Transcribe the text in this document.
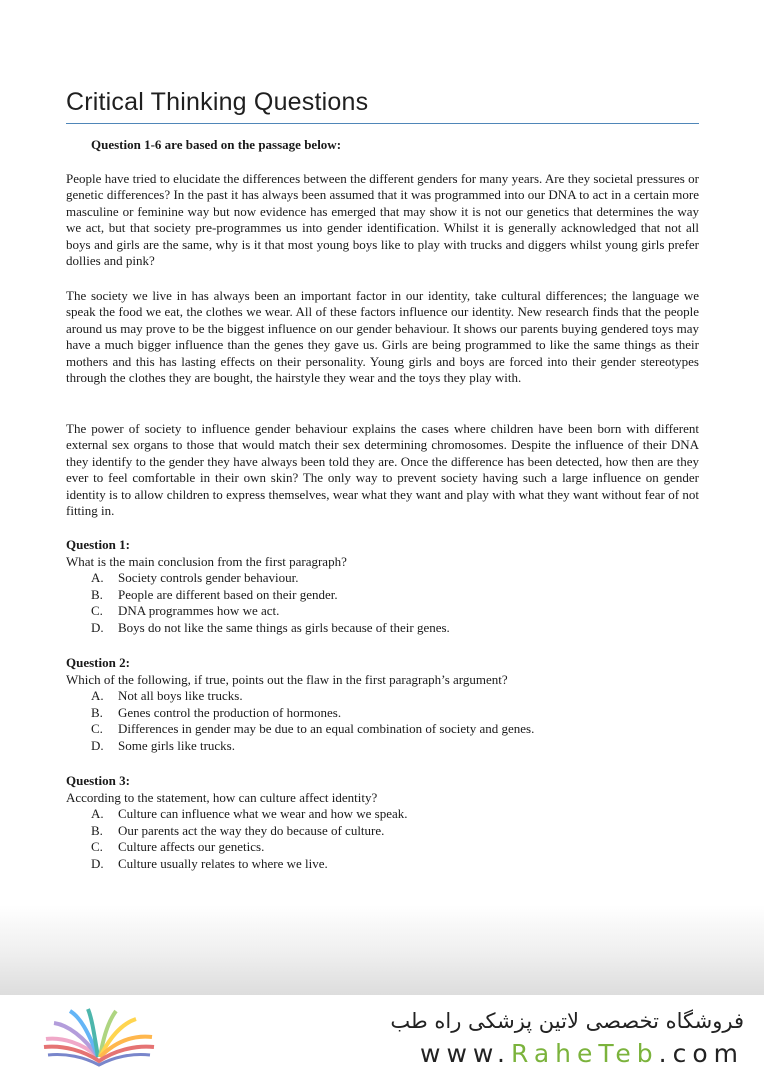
Critical Thinking Questions

Question 1-6 are based on the passage below:

People have tried to elucidate the differences between the different genders for many years. Are they societal pressures or genetic differences? In the past it has always been assumed that it was programmed into our DNA to act in a certain more masculine or feminine way but now evidence has emerged that may show it is not our genetics that determines the way we act, but that society pre-programmes us into gender identification. Whilst it is generally acknowledged that not all boys and girls are the same, why is it that most young boys like to play with trucks and diggers whilst young girls prefer dollies and pink?

The society we live in has always been an important factor in our identity, take cultural differences; the language we speak the food we eat, the clothes we wear. All of these factors influence our identity. New research finds that the people around us may prove to be the biggest influence on our gender behaviour. It shows our parents buying gendered toys may have a much bigger influence than the genes they gave us. Girls are being programmed to like the same things as their mothers and this has lasting effects on their personality. Young girls and boys are forced into their gender stereotypes through the clothes they are bought, the hairstyle they wear and the toys they play with.

The power of society to influence gender behaviour explains the cases where children have been born with different external sex organs to those that would match their sex determining chromosomes. Despite the influence of their DNA they identify to the gender they have always been told they are. Once the difference has been detected, how then are they ever to feel comfortable in their own skin? The only way to prevent society having such a large influence on gender identity is to allow children to express themselves, wear what they want and play with what they want without fear of not fitting in.

Question 1:

What is the main conclusion from the first paragraph?

A.	Society controls gender behaviour.
B.	People are different based on their gender.
C.	DNA programmes how we act.
D.	Boys do not like the same things as girls because of their genes.

Question 2:

Which of the following, if true, points out the flaw in the first paragraph’s argument?

A.	Not all boys like trucks.
B.	Genes control the production of hormones.
C.	Differences in gender may be due to an equal combination of society and genes.
D.	Some girls like trucks.

Question 3:

According to the statement, how can culture affect identity?

A.	Culture can influence what we wear and how we speak.
B.	Our parents act the way they do because of culture.
C.	Culture affects our genetics.
D.	Culture usually relates to where we live.
فروشگاه تخصصی لاتین پزشکی راه طب
www.RaheTeb.com
